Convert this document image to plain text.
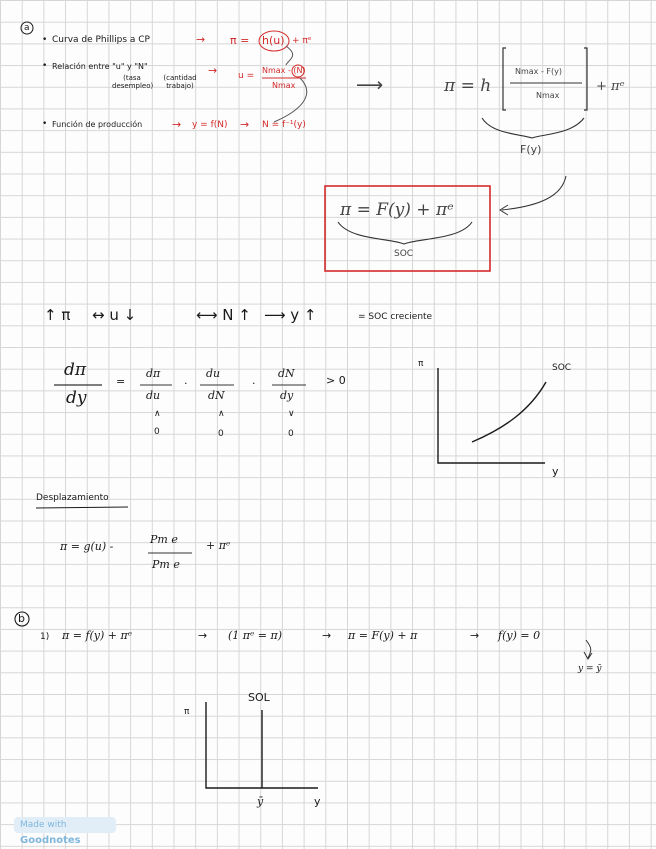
a
• Curva de Phillips a CP	→ π = h(u) + πᵉ
• Relación entre "u" y "N"
(tasa desempleo)
(cantidad trabajo)
→ u =
Nmax - (N)
Nmax
• Función de producción	→ y = f(N) → N = f⁻¹(y)
⟶	π = h
Nmax - F(y)
Nmax
+ πᵉ
F(y)
π = F(y) + πᵉ
SOC
↑ π ↔ u ↓	⟷ N ↑ ⟶ y ↑	= SOC creciente
dπ
dy
=
dπ
du
·
du
dN
·
dN
dy
> 0
∧	∧	∨
0	0	0
π
y
SOC
Desplazamiento
π = g(u) -
Pm e
Pm e
+ πᵉ
b
1) π = f(y) + πᵉ	→ (1 πᵉ = π)	→ π = F(y) + π	→ f(y) = 0
y = ȳ
π
SOL
ȳ	y
Made with Goodnotes
